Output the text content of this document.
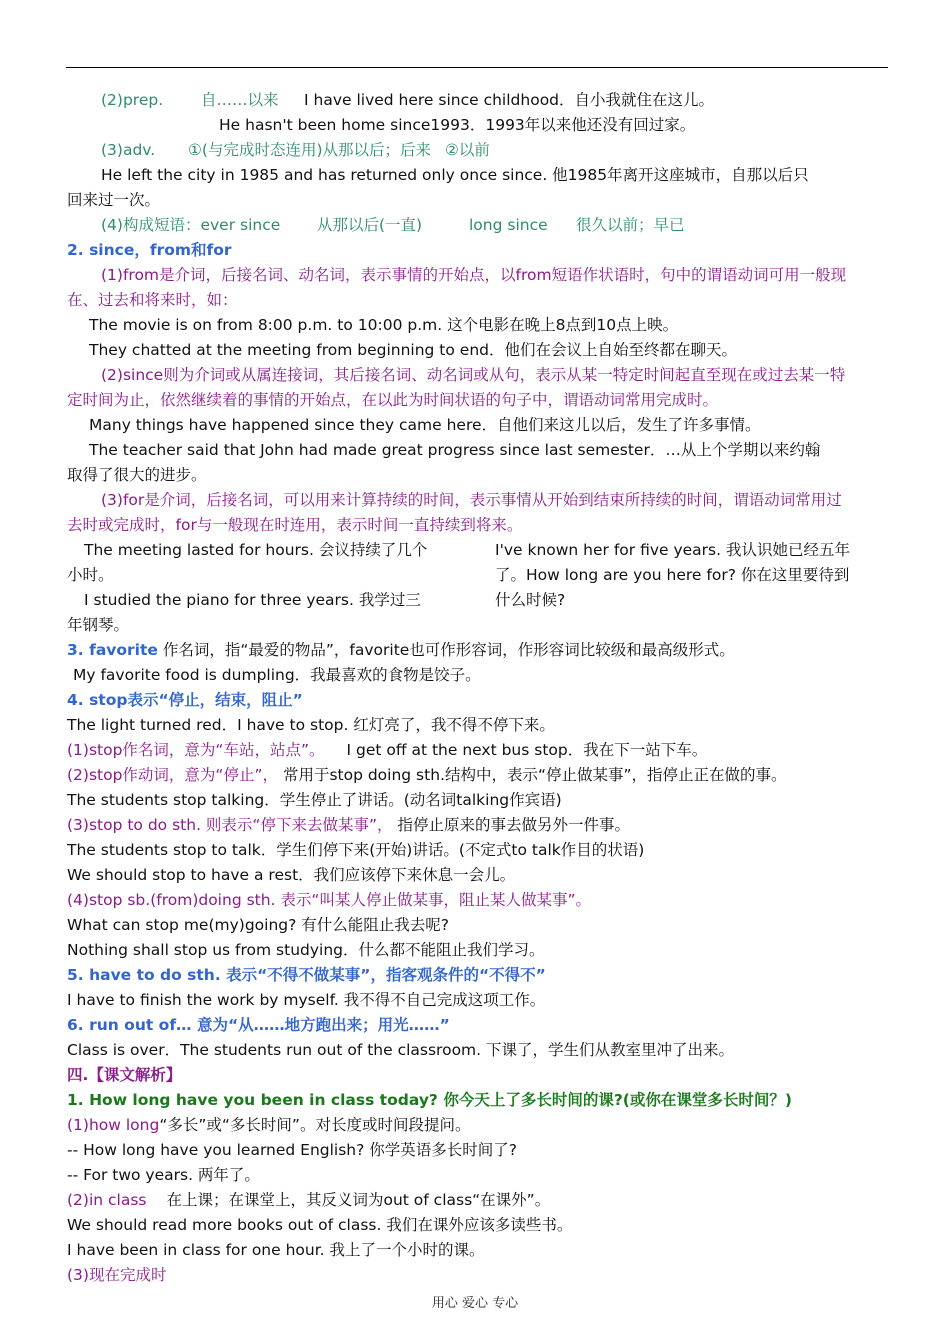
(2)prep. 自……以来 I have lived here since childhood．自小我就住在这儿。
He hasn't been home since1993．1993年以来他还没有回过家。
(3)adv. ①(与完成时态连用)从那以后；后来 ②以前
He left the city in 1985 and has returned only once since. 他1985年离开这座城市，自那以后只
回来过一次。
(4)构成短语：ever since 从那以后(一直)	long since 很久以前；早已
2. since，from和for
(1)from是介词，后接名词、动名词，表示事情的开始点，以from短语作状语时，句中的谓语动词可用一般现
在、过去和将来时，如：
The movie is on from 8:00 p.m. to 10:00 p.m. 这个电影在晚上8点到10点上映。
They chatted at the meeting from beginning to end．他们在会议上自始至终都在聊天。
(2)since则为介词或从属连接词，其后接名词、动名词或从句，表示从某一特定时间起直至现在或过去某一特
定时间为止，依然继续着的事情的开始点，在以此为时间状语的句子中，谓语动词常用完成时。
Many things have happened since they came here．自他们来这儿以后，发生了许多事情。
The teacher said that John had made great progress since last semester．…从上个学期以来约翰
取得了很大的进步。
(3)for是介词，后接名词，可以用来计算持续的时间，表示事情从开始到结束所持续的时间，谓语动词常用过
去时或完成时，for与一般现在时连用，表示时间一直持续到将来。
The meeting lasted for hours. 会议持续了几个
小时。
I studied the piano for three years. 我学过三
年钢琴。
I've known her for five years. 我认识她已经五年
了。How long are you here for? 你在这里要待到
什么时候?
3. favorite 作名词，指“最爱的物品”，favorite也可作形容词，作形容词比较级和最高级形式。
My favorite food is dumpling．我最喜欢的食物是饺子。
4. stop表示“停止，结束，阻止”
The light turned red．I have to stop. 红灯亮了，我不得不停下来。
(1)stop作名词，意为“车站，站点”。 I get off at the next bus stop．我在下一站下车。
(2)stop作动词，意为“停止”， 常用于stop doing sth.结构中，表示“停止做某事”，指停止正在做的事。
The students stop talking．学生停止了讲话。(动名词talking作宾语)
(3)stop to do sth. 则表示“停下来去做某事”， 指停止原来的事去做另外一件事。
The students stop to talk．学生们停下来(开始)讲话。(不定式to talk作目的状语)
We should stop to have a rest．我们应该停下来休息一会儿。
(4)stop sb.(from)doing sth. 表示“叫某人停止做某事，阻止某人做某事”。
What can stop me(my)going? 有什么能阻止我去呢?
Nothing shall stop us from studying．什么都不能阻止我们学习。
5. have to do sth. 表示“不得不做某事”，指客观条件的“不得不”
I have to finish the work by myself. 我不得不自己完成这项工作。
6. run out of… 意为“从……地方跑出来；用光……”
Class is over．The students run out of the classroom. 下课了，学生们从教室里冲了出来。
四.【课文解析】
1. How long have you been in class today? 你今天上了多长时间的课?(或你在课堂多长时间？)
(1)how long“多长”或“多长时间”。对长度或时间段提问。
-- How long have you learned English? 你学英语多长时间了?
-- For two years. 两年了。
(2)in class 在上课；在课堂上，其反义词为out of class“在课外”。
We should read more books out of class. 我们在课外应该多读些书。
I have been in class for one hour. 我上了一个小时的课。
(3)现在完成时
用心 爱心 专心
